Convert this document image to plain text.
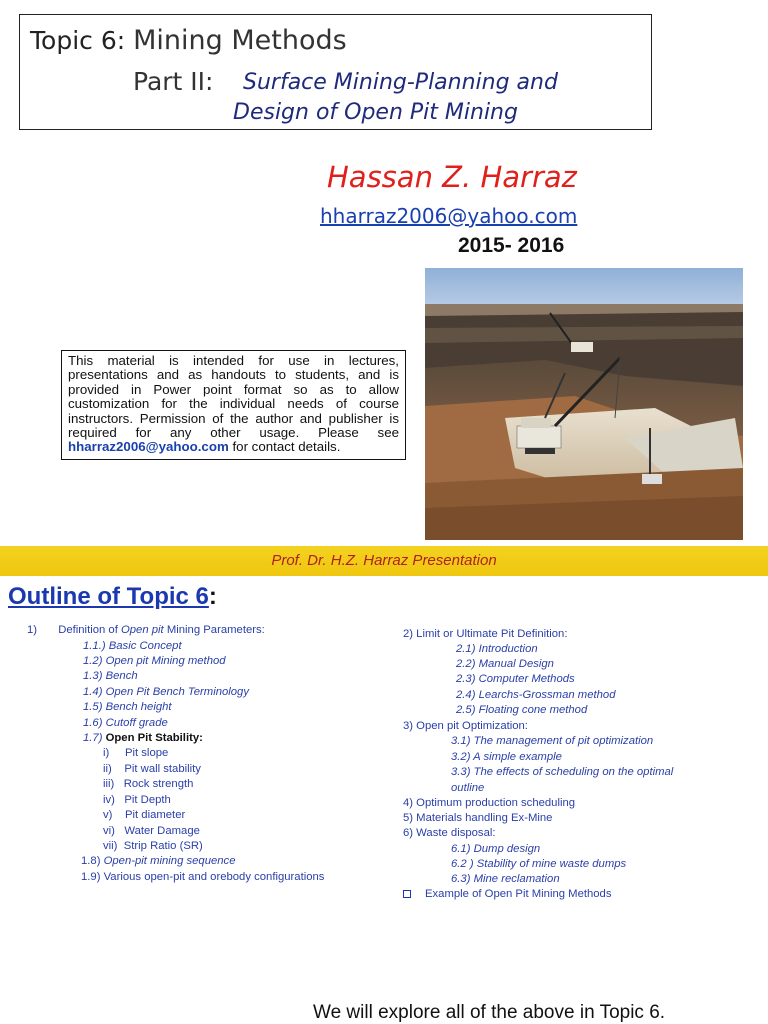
Topic 6: Mining Methods
Part II: Surface Mining-Planning and
Design of Open Pit Mining
Hassan Z. Harraz
hharraz2006@yahoo.com
2015- 2016
This material is intended for use in lectures, presentations and as handouts to students, and is provided in Power point format so as to allow customization for the individual needs of course instructors. Permission of the author and publisher is required for any other usage. Please see hharraz2006@yahoo.com for contact details.
Prof. Dr. H.Z. Harraz Presentation
Outline of Topic 6:
1) Definition of Open pit Mining Parameters:
1.1.) Basic Concept
1.2) Open pit Mining method
1.3) Bench
1.4) Open Pit Bench Terminology
1.5) Bench height
1.6) Cutoff grade
1.7) Open Pit Stability:
i)     Pit slope
ii)    Pit wall stability
iii)   Rock strength
iv)   Pit Depth
v)    Pit diameter
vi)   Water Damage
vii)  Strip Ratio (SR)
1.8) Open-pit mining sequence
1.9) Various open-pit and orebody configurations
2) Limit or Ultimate Pit Definition:
2.1) Introduction
2.2) Manual Design
2.3) Computer Methods
2.4) Learchs-Grossman method
2.5) Floating cone method
3) Open pit Optimization:
3.1) The management of pit optimization
3.2) A simple example
3.3) The effects of scheduling on the optimal
outline
4) Optimum production scheduling
5) Materials handling Ex-Mine
6) Waste disposal:
6.1) Dump design
6.2 ) Stability of mine waste dumps
6.3) Mine reclamation
Example of Open Pit Mining Methods
We will explore all of the above in Topic 6.
